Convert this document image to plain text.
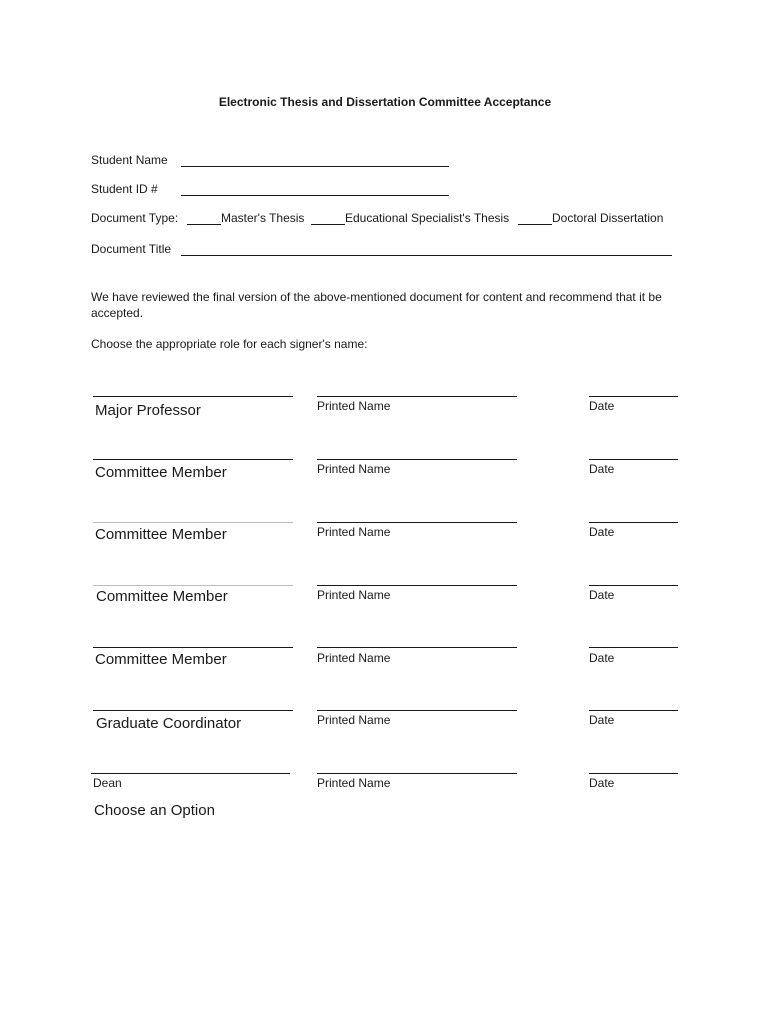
Electronic Thesis and Dissertation Committee Acceptance
Student Name
Student ID #
Document Type:	Master's Thesis	Educational Specialist's Thesis	Doctoral Dissertation
Document Title
We have reviewed the final version of the above-mentioned document for content and recommend that it be accepted.
Choose the appropriate role for each signer's name:
Major Professor	Printed Name	Date
Committee Member	Printed Name	Date
Committee Member	Printed Name	Date
Committee Member	Printed Name	Date
Committee Member	Printed Name	Date
Graduate Coordinator	Printed Name	Date
Dean	Printed Name	Date
Choose an Option
